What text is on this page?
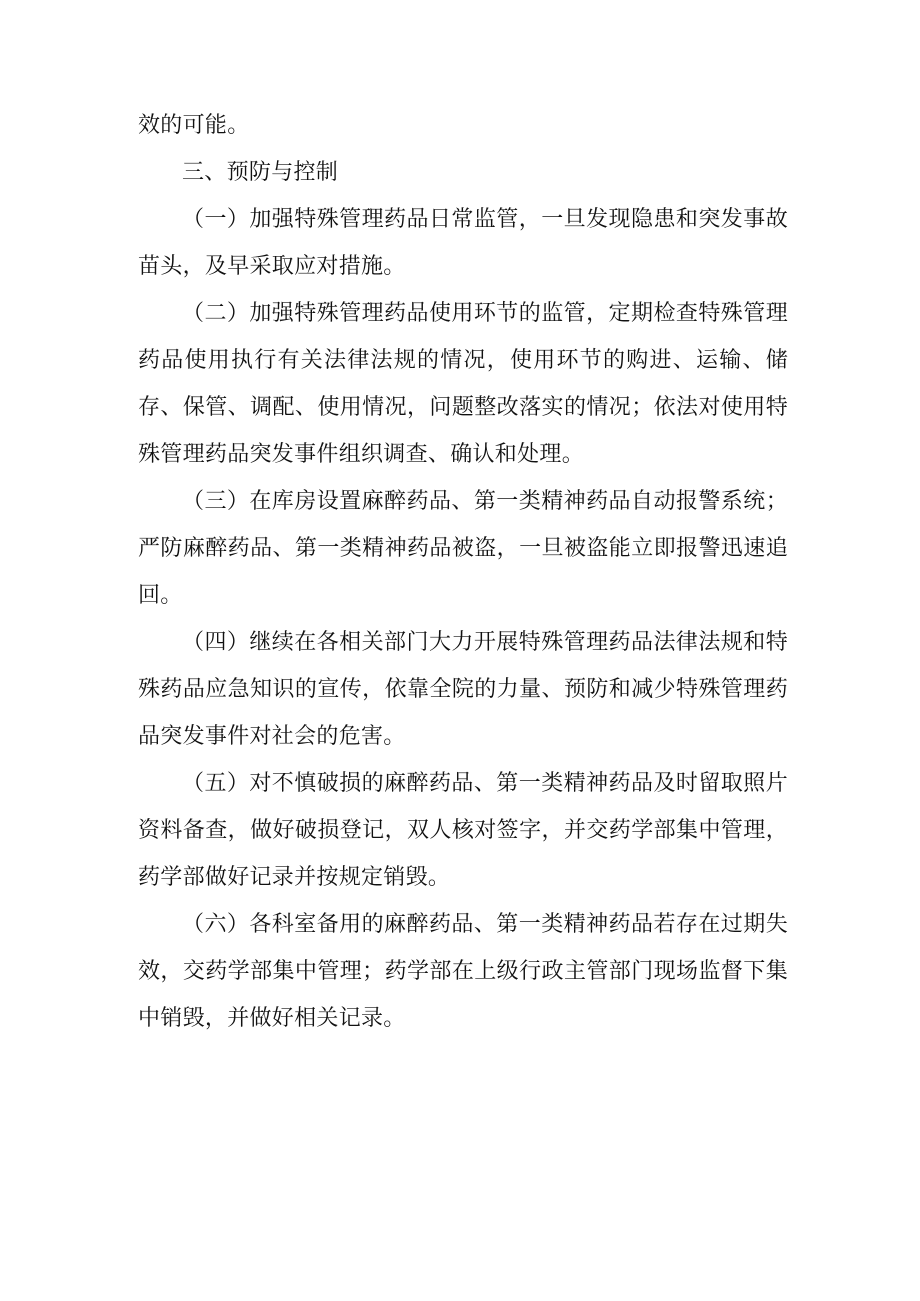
效的可能。

三、预防与控制

（一）加强特殊管理药品日常监管，一旦发现隐患和突发事故苗头，及早采取应对措施。

（二）加强特殊管理药品使用环节的监管，定期检查特殊管理药品使用执行有关法律法规的情况，使用环节的购进、运输、储存、保管、调配、使用情况，问题整改落实的情况；依法对使用特殊管理药品突发事件组织调查、确认和处理。

（三）在库房设置麻醉药品、第一类精神药品自动报警系统；严防麻醉药品、第一类精神药品被盗，一旦被盗能立即报警迅速追回。

（四）继续在各相关部门大力开展特殊管理药品法律法规和特殊药品应急知识的宣传，依靠全院的力量、预防和减少特殊管理药品突发事件对社会的危害。

（五）对不慎破损的麻醉药品、第一类精神药品及时留取照片资料备查，做好破损登记，双人核对签字，并交药学部集中管理，药学部做好记录并按规定销毁。

（六）各科室备用的麻醉药品、第一类精神药品若存在过期失效，交药学部集中管理；药学部在上级行政主管部门现场监督下集中销毁，并做好相关记录。
